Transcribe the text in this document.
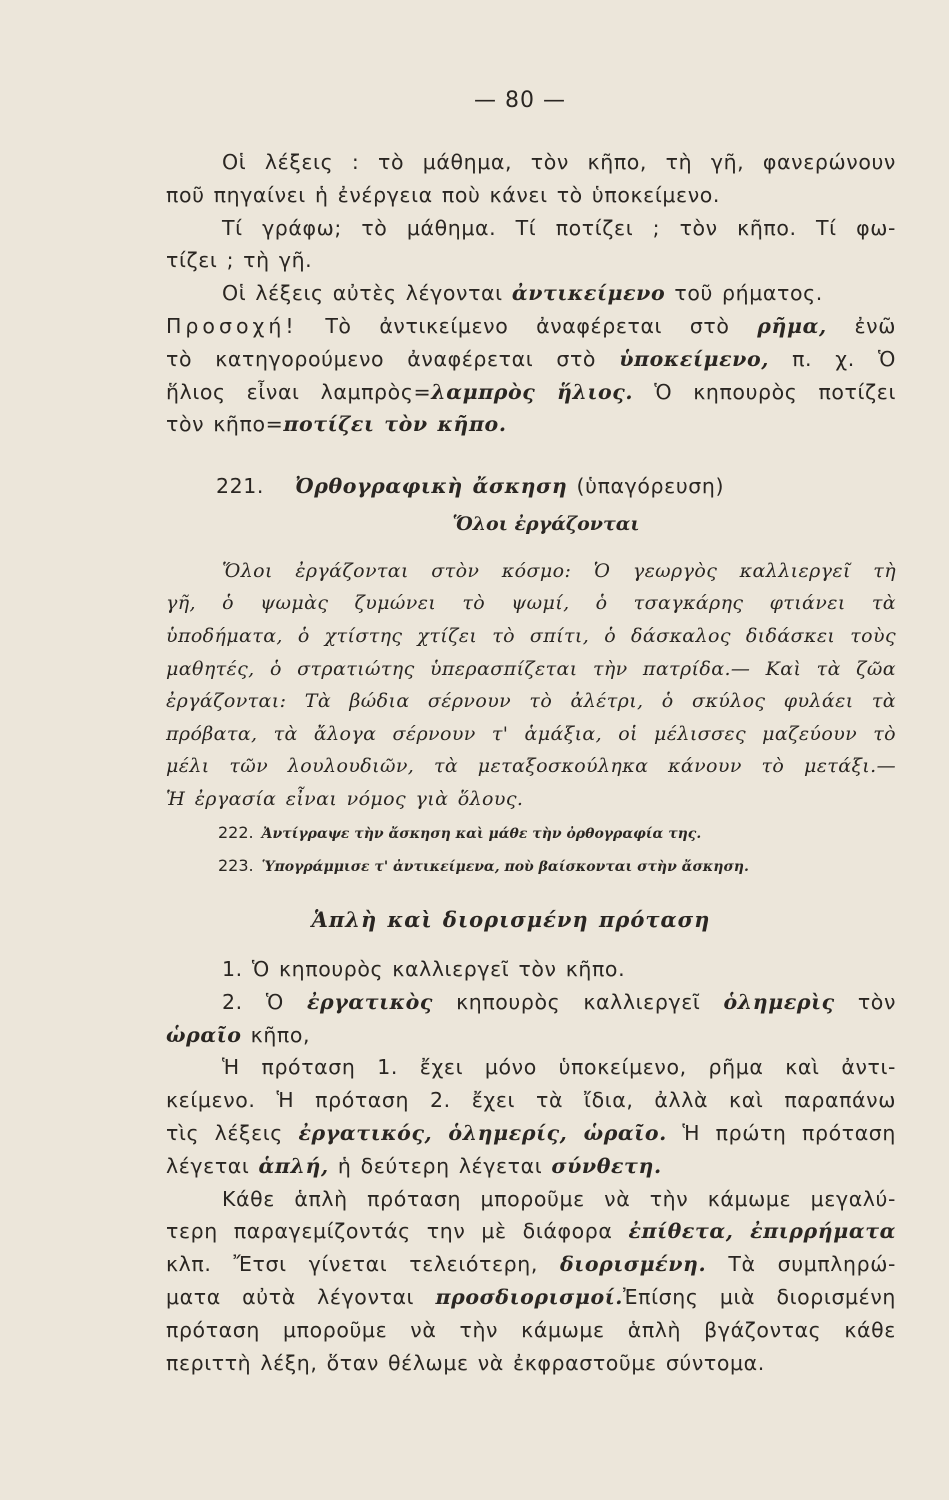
— 80 —

Οἱ λέξεις : τὸ μάθημα, τὸν κῆπο, τὴ γῆ, φανερώνουν

ποῦ πηγαίνει ἡ ἐνέργεια ποὺ κάνει τὸ ὑποκείμενο.

Τί γράφω; τὸ μάθημα. Τί ποτίζει ; τὸν κῆπο. Τί φω-

τίζει ; τὴ γῆ.

Οἱ λέξεις αὐτὲς λέγονται ἀντικείμενο τοῦ ρήματος.

Προσοχή! Τὸ ἀντικείμενο ἀναφέρεται στὸ ρῆμα, ἐνῶ

τὸ κατηγορούμενο ἀναφέρεται στὸ ὑποκείμενο, π. χ. Ὁ

ἥλιος εἶναι λαμπρὸς=λαμπρὸς ἥλιος. Ὁ κηπουρὸς ποτίζει

τὸν κῆπο=ποτίζει τὸν κῆπο.

221. Ὀρθογραφικὴ ἄσκηση (ὑπαγόρευση)

Ὅλοι ἐργάζονται

Ὅλοι ἐργάζονται στὸν κόσμο: Ὁ γεωργὸς καλλιεργεῖ τὴ

γῆ, ὁ ψωμὰς ζυμώνει τὸ ψωμί, ὁ τσαγκάρης φτιάνει τὰ

ὑποδήματα, ὁ χτίστης χτίζει τὸ σπίτι, ὁ δάσκαλος διδάσκει τοὺς

μαθητές, ὁ στρατιώτης ὑπερασπίζεται τὴν πατρίδα.— Καὶ τὰ ζῶα

ἐργάζονται: Τὰ βώδια σέρνουν τὸ ἀλέτρι, ὁ σκύλος φυλάει τὰ

πρόβατα, τὰ ἄλογα σέρνουν τ' ἁμάξια, οἱ μέλισσες μαζεύουν τὸ

μέλι τῶν λουλουδιῶν, τὰ μεταξοσκούληκα κάνουν τὸ μετάξι.—

Ἡ ἐργασία εἶναι νόμος γιὰ ὅλους.

222. Ἀντίγραψε τὴν ἄσκηση καὶ μάθε τὴν ὀρθογραφία της.

223. Ὑπογράμμισε τ' ἀντικείμενα, ποὺ βαίσκονται στὴν ἄσκηση.

Ἁπλὴ καὶ διορισμένη πρόταση

1. Ὁ κηπουρὸς καλλιεργεῖ τὸν κῆπο.

2. Ὁ ἐργατικὸς κηπουρὸς καλλιεργεῖ ὁλημερὶς τὸν

ὡραῖο κῆπο,

Ἡ πρόταση 1. ἔχει μόνο ὑποκείμενο, ρῆμα καὶ ἀντι-

κείμενο. Ἡ πρόταση 2. ἔχει τὰ ἴδια, ἀλλὰ καὶ παραπάνω

τὶς λέξεις ἐργατικός, ὁλημερίς, ὡραῖο. Ἡ πρώτη πρόταση

λέγεται ἁπλή, ἡ δεύτερη λέγεται σύνθετη.

Κάθε ἁπλὴ πρόταση μποροῦμε νὰ τὴν κάμωμε μεγαλύ-

τερη παραγεμίζοντάς την μὲ διάφορα ἐπίθετα, ἐπιρρήματα

κλπ. Ἔτσι γίνεται τελειότερη, διορισμένη. Τὰ συμπληρώ-

ματα αὐτὰ λέγονται προσδιορισμοί.Ἐπίσης μιὰ διορισμένη

πρόταση μποροῦμε νὰ τὴν κάμωμε ἁπλὴ βγάζοντας κάθε

περιττὴ λέξη, ὅταν θέλωμε νὰ ἐκφραστοῦμε σύντομα.
